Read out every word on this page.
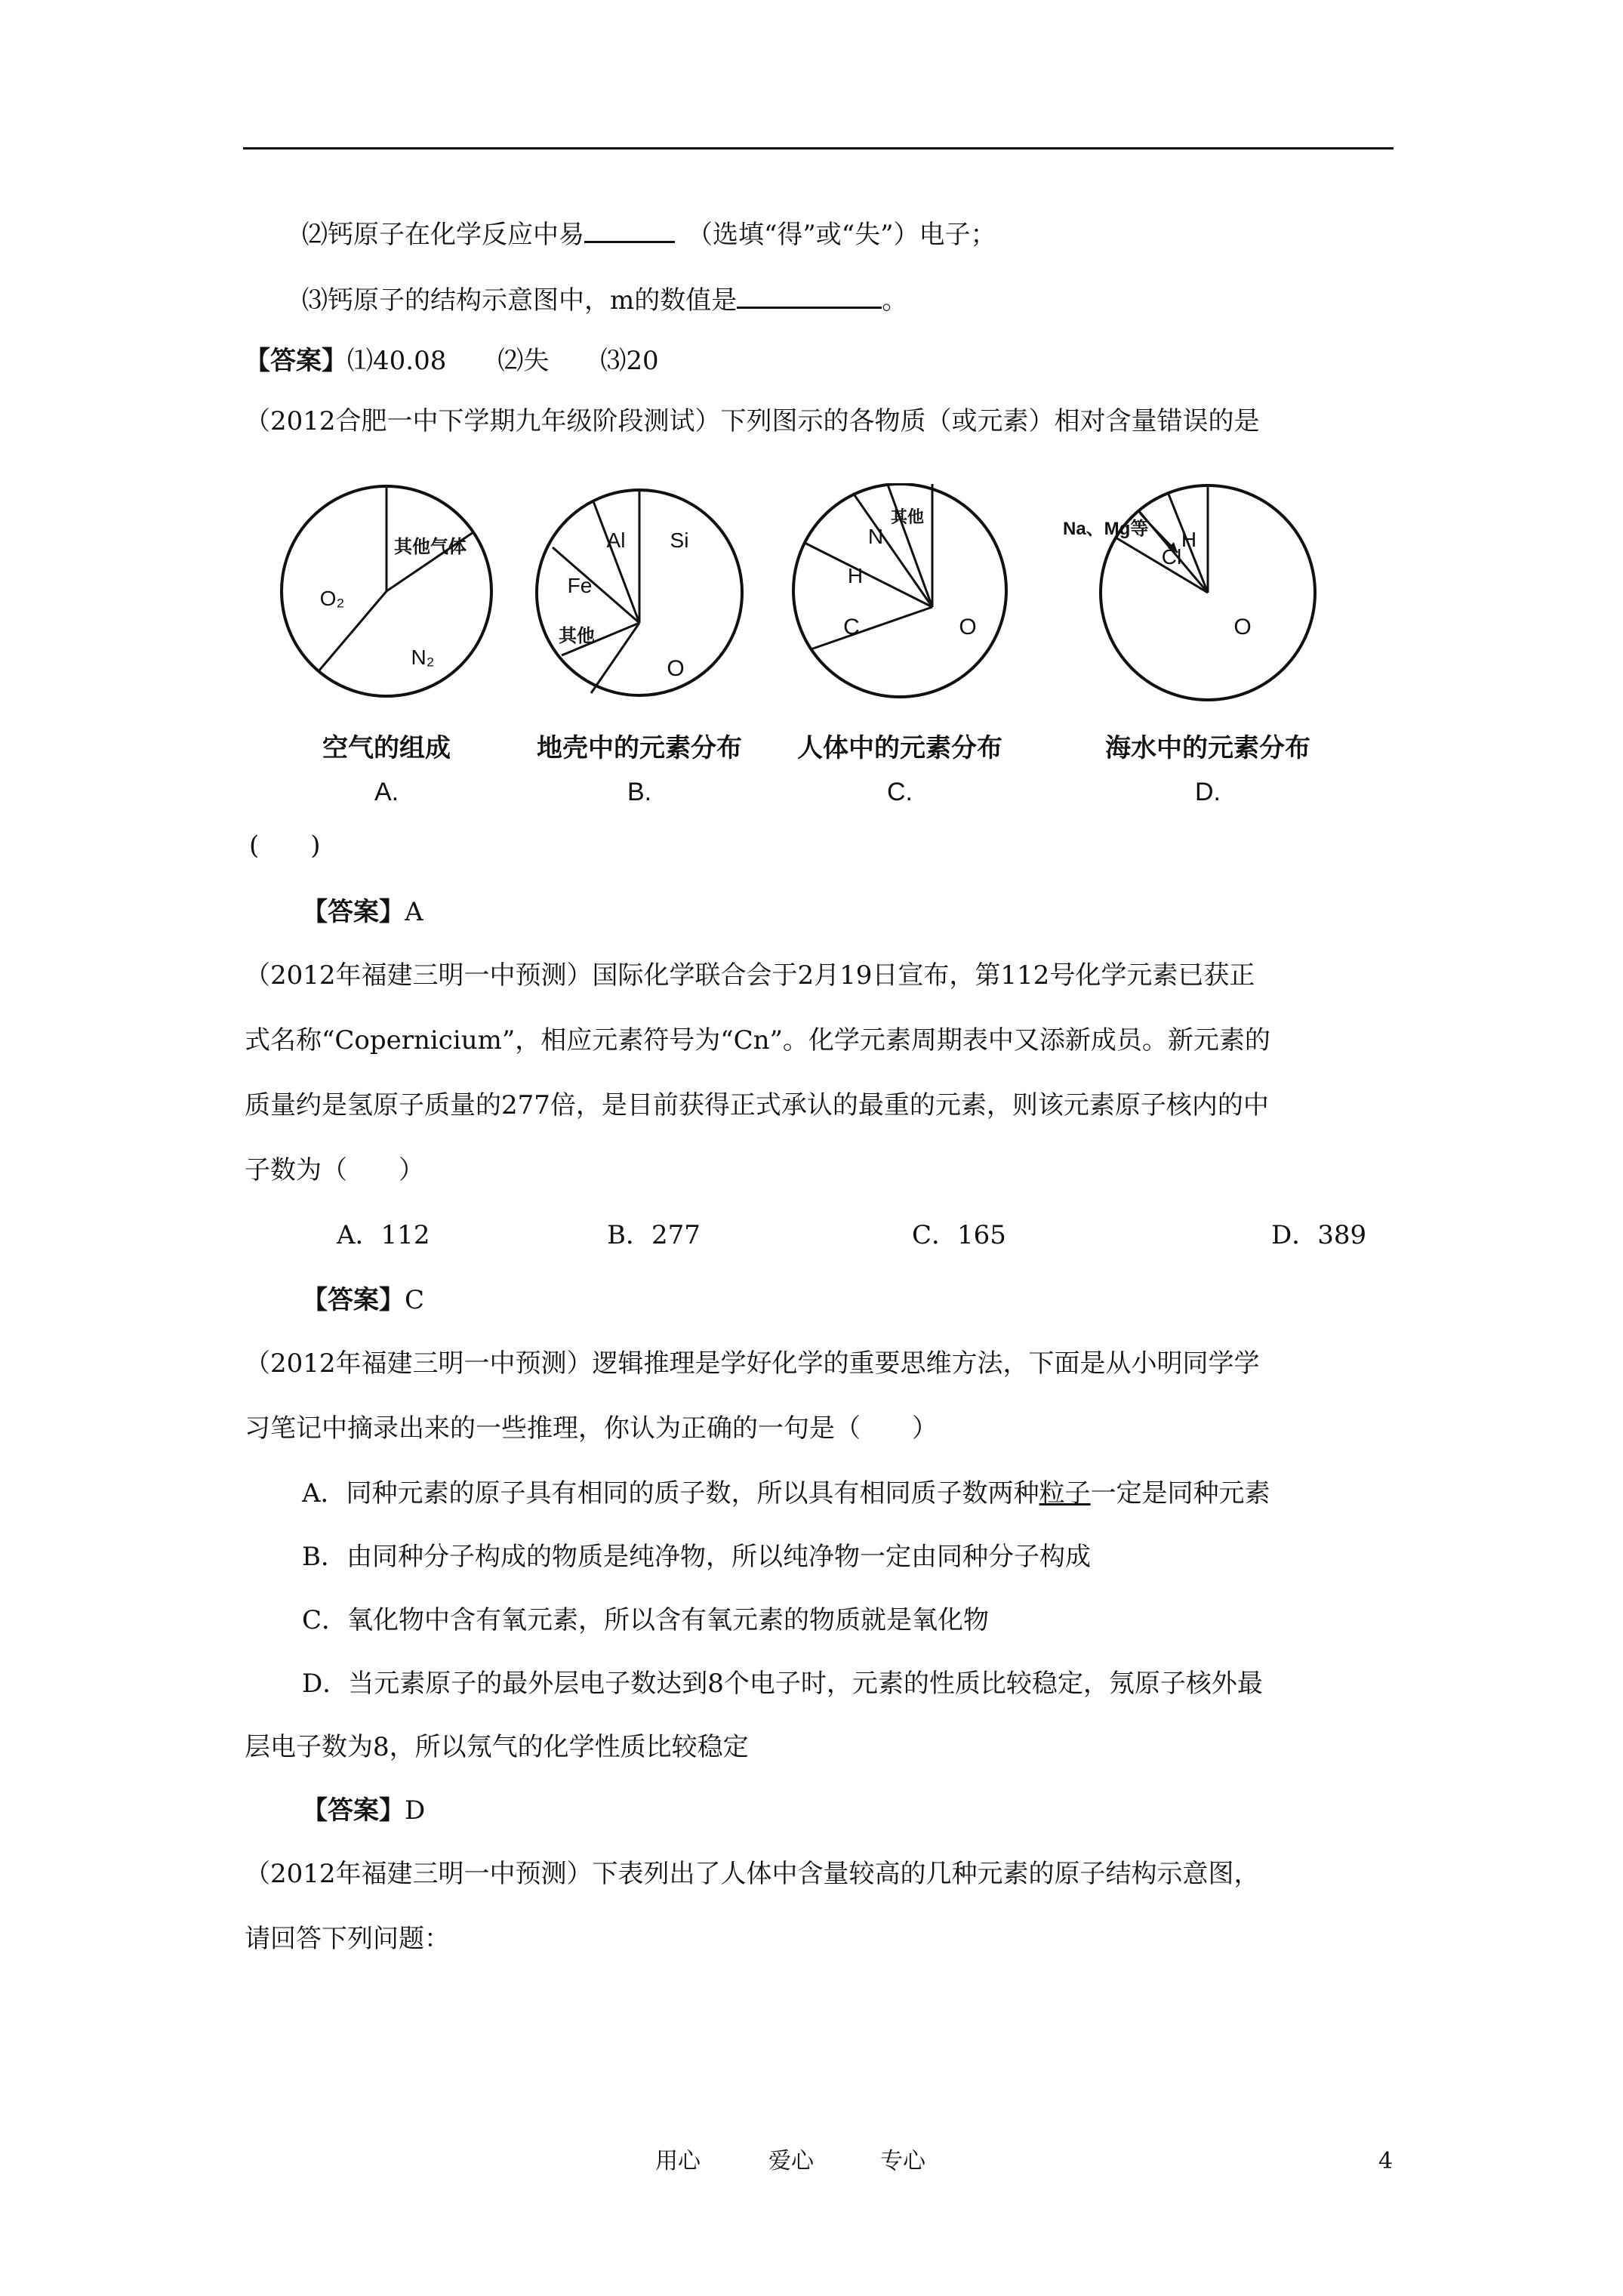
⑵钙原子在化学反应中易	（选填“得”或“失”）电子；
⑶钙原子的结构示意图中，m的数值是	。
【答案】⑴40.08　　⑵失　　⑶20
（2012合肥一中下学期九年级阶段测试）下列图示的各物质（或元素）相对含量错误的是
其他气体
O₂
N₂
空气的组成
A.
Al Si
Fe
其他
O
地壳中的元素分布
B.
其他
N
H
C	O
人体中的元素分布
C.
Na、Mg等
Cl
H
O
海水中的元素分布
D.
(　　)
【答案】A
（2012年福建三明一中预测）国际化学联合会于2月19日宣布，第112号化学元素已获正
式名称“Copernicium”，相应元素符号为“Cn”。化学元素周期表中又添新成员。新元素的
质量约是氢原子质量的277倍，是目前获得正式承认的最重的元素，则该元素原子核内的中
子数为（　　）
A．112	B．277	C．165	D．389
【答案】C
（2012年福建三明一中预测）逻辑推理是学好化学的重要思维方法，下面是从小明同学学
习笔记中摘录出来的一些推理，你认为正确的一句是（　　）
A．同种元素的原子具有相同的质子数，所以具有相同质子数两种粒子一定是同种元素
B．由同种分子构成的物质是纯净物，所以纯净物一定由同种分子构成
C．氧化物中含有氧元素，所以含有氧元素的物质就是氧化物
D．当元素原子的最外层电子数达到8个电子时，元素的性质比较稳定，氖原子核外最
层电子数为8，所以氖气的化学性质比较稳定
【答案】D
（2012年福建三明一中预测）下表列出了人体中含量较高的几种元素的原子结构示意图，
请回答下列问题：
用心	爱心	专心	4
